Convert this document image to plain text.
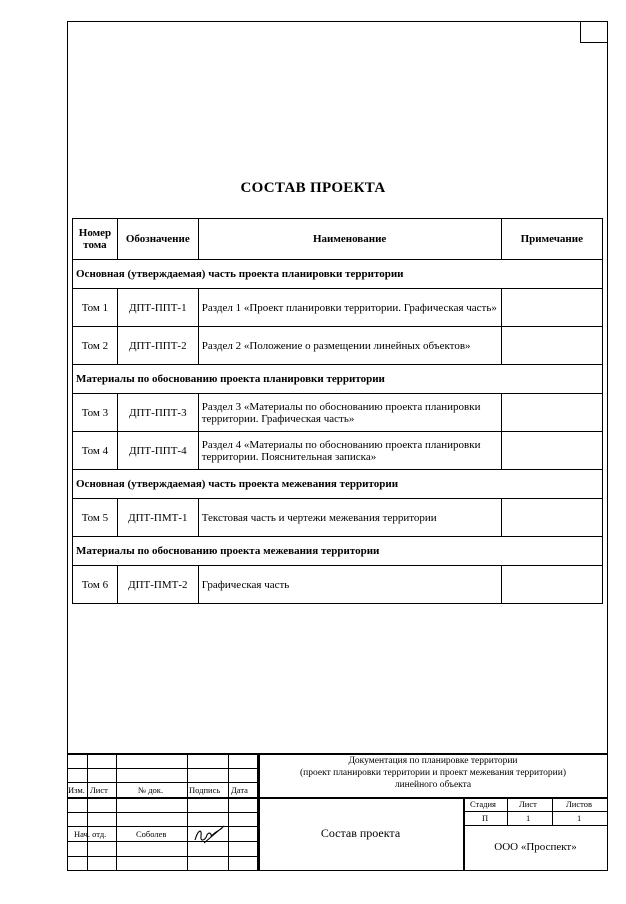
СОСТАВ ПРОЕКТА
Номер тома	Обозначение	Наименование	Примечание
Основная (утверждаемая) часть проекта планировки территории			
Том 1	ДПТ-ППТ-1	Раздел 1 «Проект планировки территории. Графическая часть»	
Том 2	ДПТ-ППТ-2	Раздел 2 «Положение о размещении линейных объектов»	
Материалы по обоснованию проекта планировки территории			
Том 3	ДПТ-ППТ-3	Раздел 3 «Материалы по обоснованию проекта планировки территории. Графическая часть»	
Том 4	ДПТ-ППТ-4	Раздел 4 «Материалы по обоснованию проекта планировки территории. Пояснительная записка»	
Основная (утверждаемая) часть проекта межевания территории			
Том 5	ДПТ-ПМТ-1	Текстовая часть и чертежи межевания территории	
Материалы по обоснованию проекта межевания территории			
Том 6	ДПТ-ПМТ-2	Графическая часть	
Документация по планировке территории
(проект планировки территории и проект межевания территории)
линейного объекта
Изм. Лист	№ док.	Подпись Дата
Стадия	Лист	Листов
П	1	1
Нач. отд.	Соболев	Состав проекта
ООО «Проспект»
